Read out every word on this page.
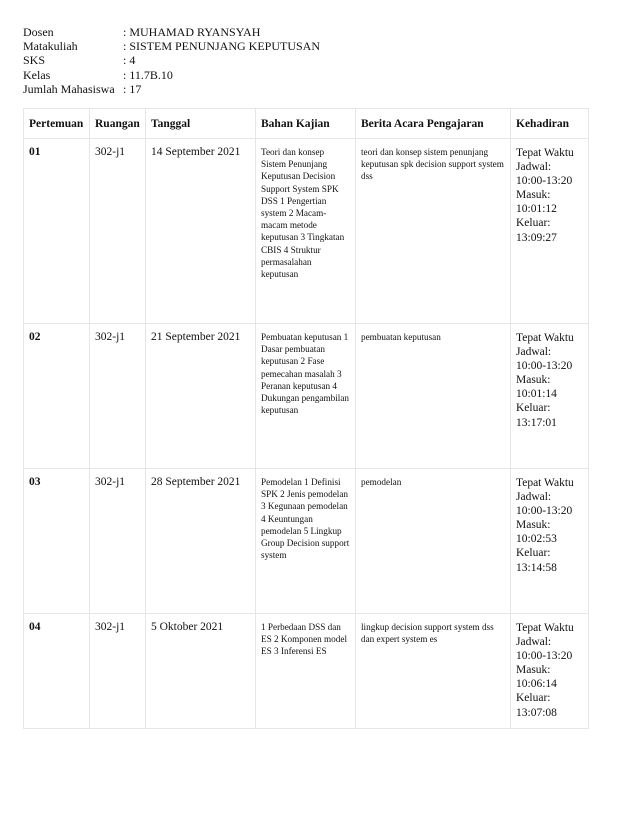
Dosen	: MUHAMAD RYANSYAH
Matakuliah	: SISTEM PENUNJANG KEPUTUSAN
SKS	: 4
Kelas	: 11.7B.10
Jumlah Mahasiswa : 17
Pertemuan	Ruangan	Tanggal	Bahan Kajian	Berita Acara Pengajaran	Kehadiran
01	302-j1	14 September 2021	Teori dan konsep Sistem Penunjang Keputusan Decision Support System SPK DSS 1 Pengertian system 2 Macam-macam metode keputusan 3 Tingkatan CBIS 4 Struktur permasalahan keputusan	teori dan konsep sistem penunjang keputusan spk decision support system dss	Tepat Waktu
Jadwal: 10:00-13:20
Masuk: 10:01:12
Keluar: 13:09:27

02	302-j1	21 September 2021	Pembuatan keputusan 1 Dasar pembuatan keputusan 2 Fase pemecahan masalah 3 Peranan keputusan 4 Dukungan pengambilan keputusan	pembuatan keputusan	Tepat Waktu
Jadwal: 10:00-13:20
Masuk: 10:01:14
Keluar: 13:17:01

03	302-j1	28 September 2021	Pemodelan 1 Definisi SPK 2 Jenis pemodelan 3 Kegunaan pemodelan 4 Keuntungan pemodelan 5 Lingkup Group Decision support system	pemodelan	Tepat Waktu
Jadwal: 10:00-13:20
Masuk: 10:02:53
Keluar: 13:14:58

04	302-j1	5 Oktober 2021	1 Perbedaan DSS dan ES 2 Komponen model ES 3 Inferensi ES	lingkup decision support system dss dan expert system es	Tepat Waktu
Jadwal: 10:00-13:20
Masuk: 10:06:14
Keluar: 13:07:08
